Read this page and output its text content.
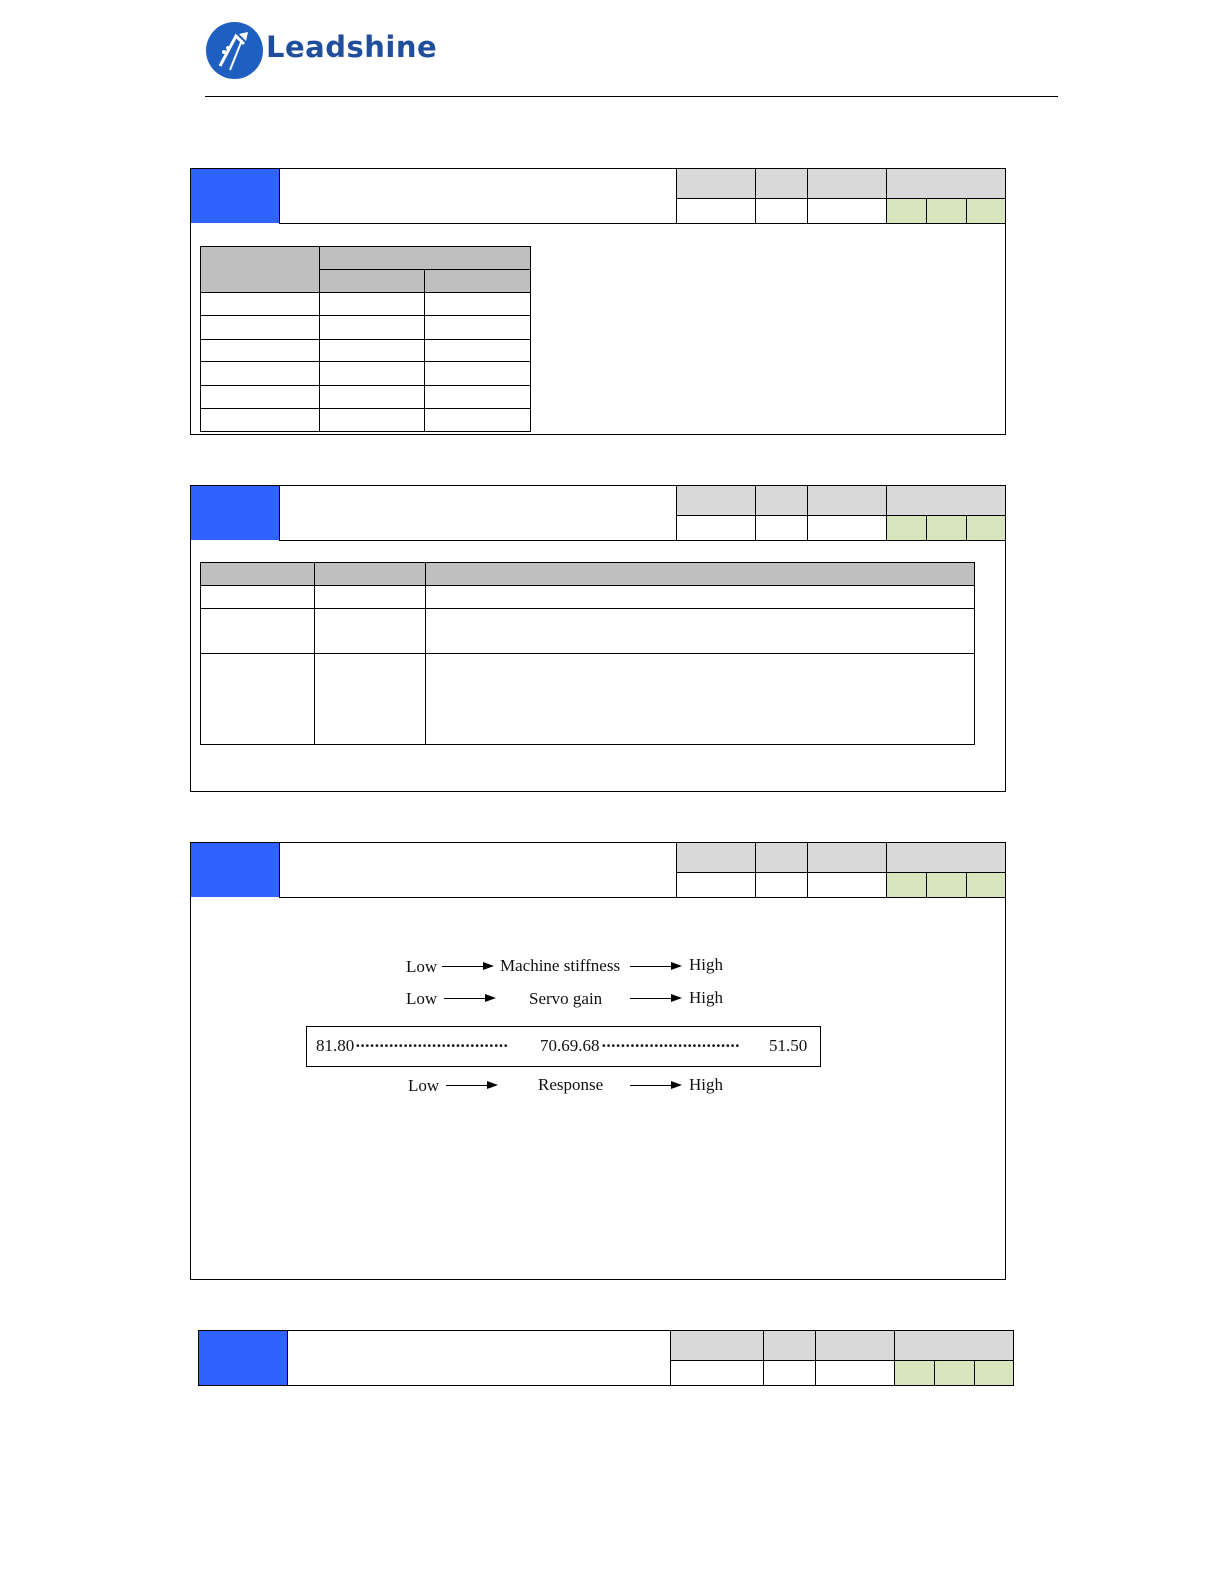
Leadshine

Low	Machine stiffness	High
Low	Servo gain	High
81.80 ································	70.69.68 ·····························	51.50
Low	Response	High
